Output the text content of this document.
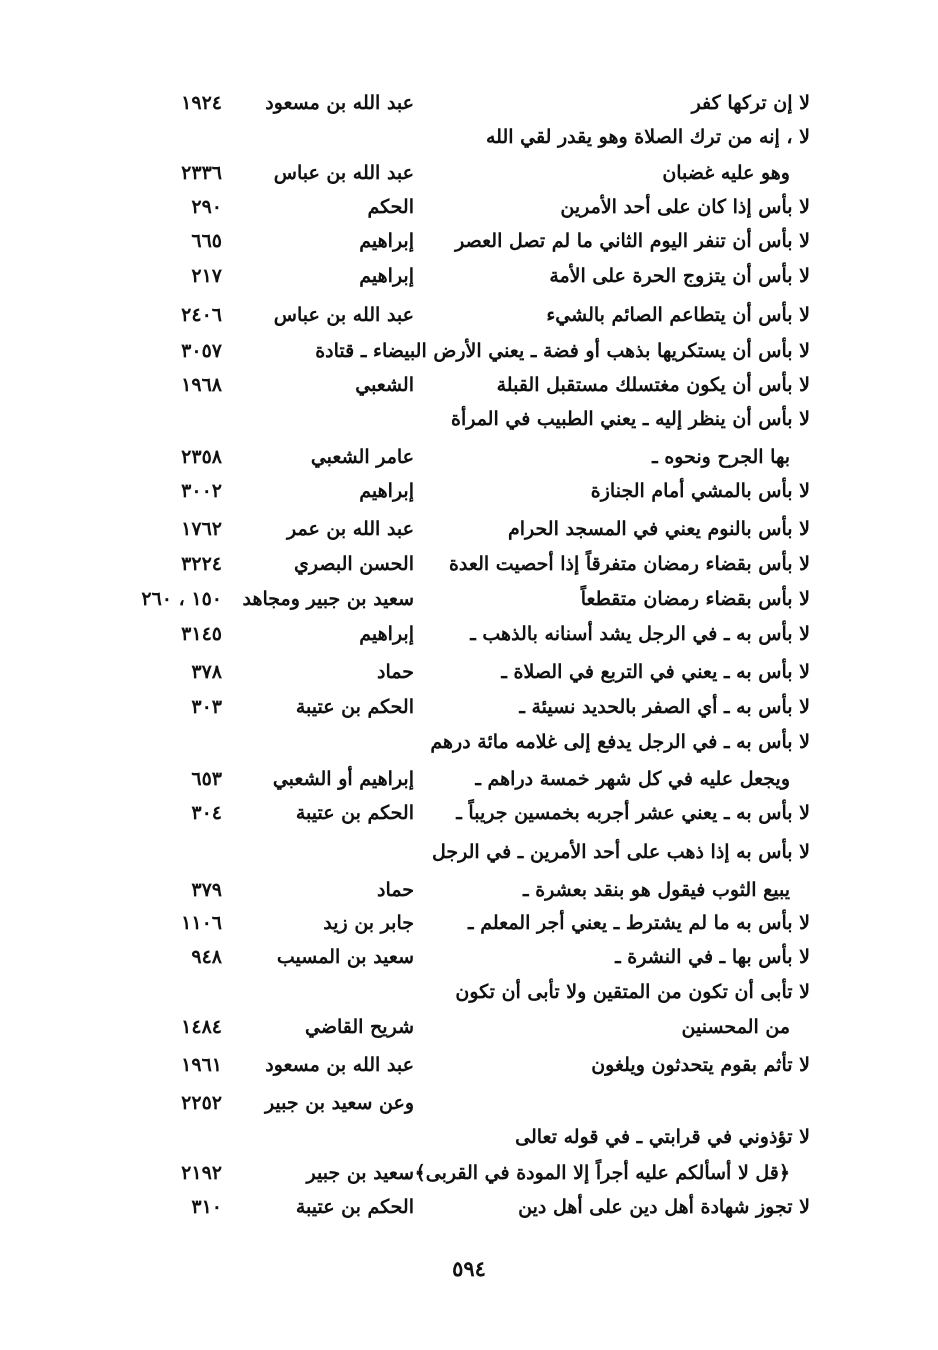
لا إن تركها كفر
عبد الله بن مسعود
١٩٢٤
لا ، إنه من ترك الصلاة وهو يقدر لقي الله
وهو عليه غضبان
عبد الله بن عباس
٢٣٣٦
لا بأس إذا كان على أحد الأمرين
الحكم
٢٩٠
لا بأس أن تنفر اليوم الثاني ما لم تصل العصر
إبراهيم
٦٦٥
لا بأس أن يتزوج الحرة على الأمة
إبراهيم
٢١٧
لا بأس أن يتطاعم الصائم بالشيء
عبد الله بن عباس
٢٤٠٦
لا بأس أن يستكريها بذهب أو فضة ـ يعني الأرض البيضاء ـ قتادة
٣٠٥٧
لا بأس أن يكون مغتسلك مستقبل القبلة
الشعبي
١٩٦٨
لا بأس أن ينظر إليه ـ يعني الطبيب في المرأة
بها الجرح ونحوه ـ
عامر الشعبي
٢٣٥٨
لا بأس بالمشي أمام الجنازة
إبراهيم
٣٠٠٢
لا بأس بالنوم يعني في المسجد الحرام
عبد الله بن عمر
١٧٦٢
لا بأس بقضاء رمضان متفرقاً إذا أحصيت العدة
الحسن البصري
٣٢٢٤
لا بأس بقضاء رمضان متقطعاً
سعيد بن جبير ومجاهد
١٥٠ ، ٢٦٠
لا بأس به ـ في الرجل يشد أسنانه بالذهب ـ
إبراهيم
٣١٤٥
لا بأس به ـ يعني في التربع في الصلاة ـ
حماد
٣٧٨
لا بأس به ـ أي الصفر بالحديد نسيئة ـ
الحكم بن عتيبة
٣٠٣
لا بأس به ـ في الرجل يدفع إلى غلامه مائة درهم
ويجعل عليه في كل شهر خمسة دراهم ـ
إبراهيم أو الشعبي
٦٥٣
لا بأس به ـ يعني عشر أجربه بخمسين جريباً ـ
الحكم بن عتيبة
٣٠٤
لا بأس به إذا ذهب على أحد الأمرين ـ في الرجل
يبيع الثوب فيقول هو بنقد بعشرة ـ
حماد
٣٧٩
لا بأس به ما لم يشترط ـ يعني أجر المعلم ـ
جابر بن زيد
١١٠٦
لا بأس بها ـ في النشرة ـ
سعيد بن المسيب
٩٤٨
لا تأبى أن تكون من المتقين ولا تأبى أن تكون
من المحسنين
شريح القاضي
١٤٨٤
لا تأثم بقوم يتحدثون ويلغون
عبد الله بن مسعود
١٩٦١
وعن سعيد بن جبير
٢٢٥٢
لا تؤذوني في قرابتي ـ في قوله تعالى
﴿قل لا أسألكم عليه أجراً إلا المودة في القربى﴾ ـ
سعيد بن جبير
٢١٩٢
لا تجوز شهادة أهل دين على أهل دين
الحكم بن عتيبة
٣١٠
٥٩٤
